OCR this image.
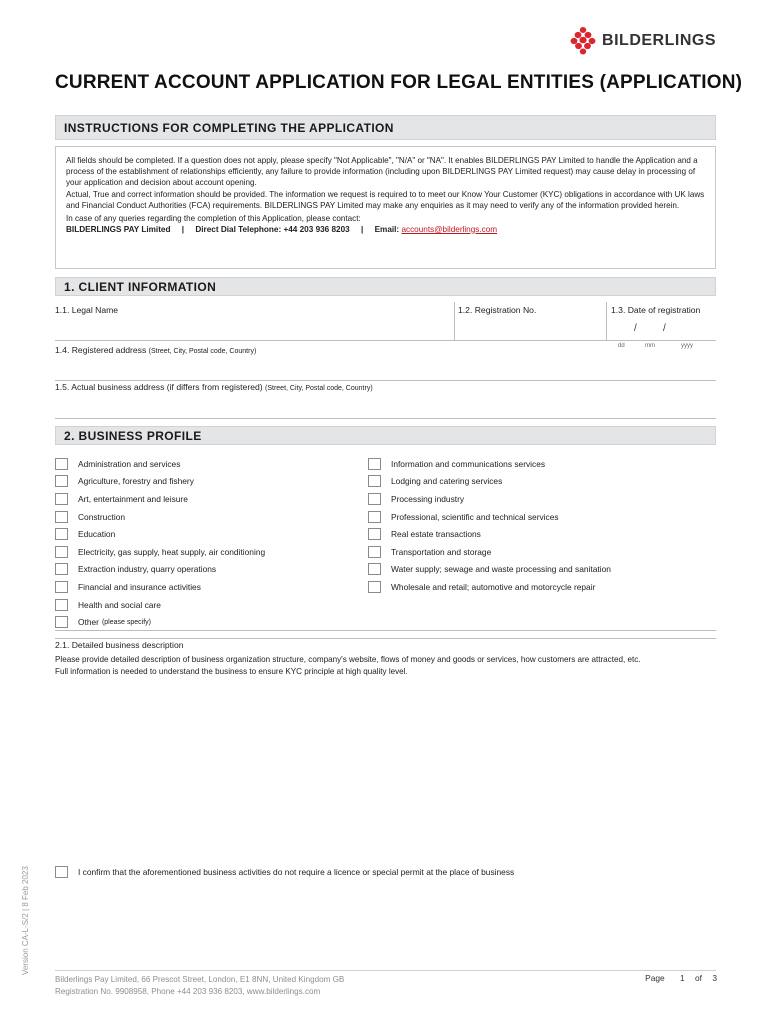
BILDERLINGS
CURRENT ACCOUNT APPLICATION FOR LEGAL ENTITIES (APPLICATION)
INSTRUCTIONS FOR COMPLETING THE APPLICATION

All fields should be completed. If a question does not apply, please specify "Not Applicable", "N/A" or "NA". It enables BILDERLINGS PAY Limited to handle the Application and a process of the establishment of relationships efficiently, any failure to provide information (including upon BILDERLINGS PAY Limited request) may cause delay in processing of your application and decision about account opening.

Actual, True and correct information should be provided. The information we request is required to to meet our Know Your Customer (KYC) obligations in accordance with UK laws and Financial Conduct Authorities (FCA) requirements. BILDERLINGS PAY Limited may make any enquiries as it may need to verify any of the information provided herein.

In case of any queries regarding the completion of this Application, please contact:

BILDERLINGS PAY Limited | Direct Dial Telephone: +44 203 936 8203 | Email: accounts@bilderlings.com
1. CLIENT INFORMATION
1.1. Legal Name	1.2. Registration No.	1.3. Date of registration
/	/
dd	mm	yyyy
1.4. Registered address (Street, City, Postal code, Country)
1.5. Actual business address (if differs from registered) (Street, City, Postal code, Country)
2. BUSINESS PROFILE
Administration and services
Agriculture, forestry and fishery
Art, entertainment and leisure
Construction
Education
Electricity, gas supply, heat supply, air conditioning
Extraction industry, quarry operations
Financial and insurance activities
Health and social care
Other (please specify)
Information and communications services
Lodging and catering services
Processing industry
Professional, scientific and technical services
Real estate transactions
Transportation and storage
Water supply; sewage and waste processing and sanitation
Wholesale and retail; automotive and motorcycle repair
2.1. Detailed business description
Please provide detailed description of business organization structure, company's website, flows of money and goods or services, how customers are attracted, etc.
Full information is needed to understand the business to ensure KYC principle at high quality level.
I confirm that the aforementioned business activities do not require a licence or special permit at the place of business
Version CA-L-S/2 | 8 Feb 2023
Bilderlings Pay Limited, 66 Prescot Street, London, E1 8NN, United Kingdom GB
Registration No. 9908958, Phone +44 203 936 8203, www.bilderlings.com
Page 1 of 3
